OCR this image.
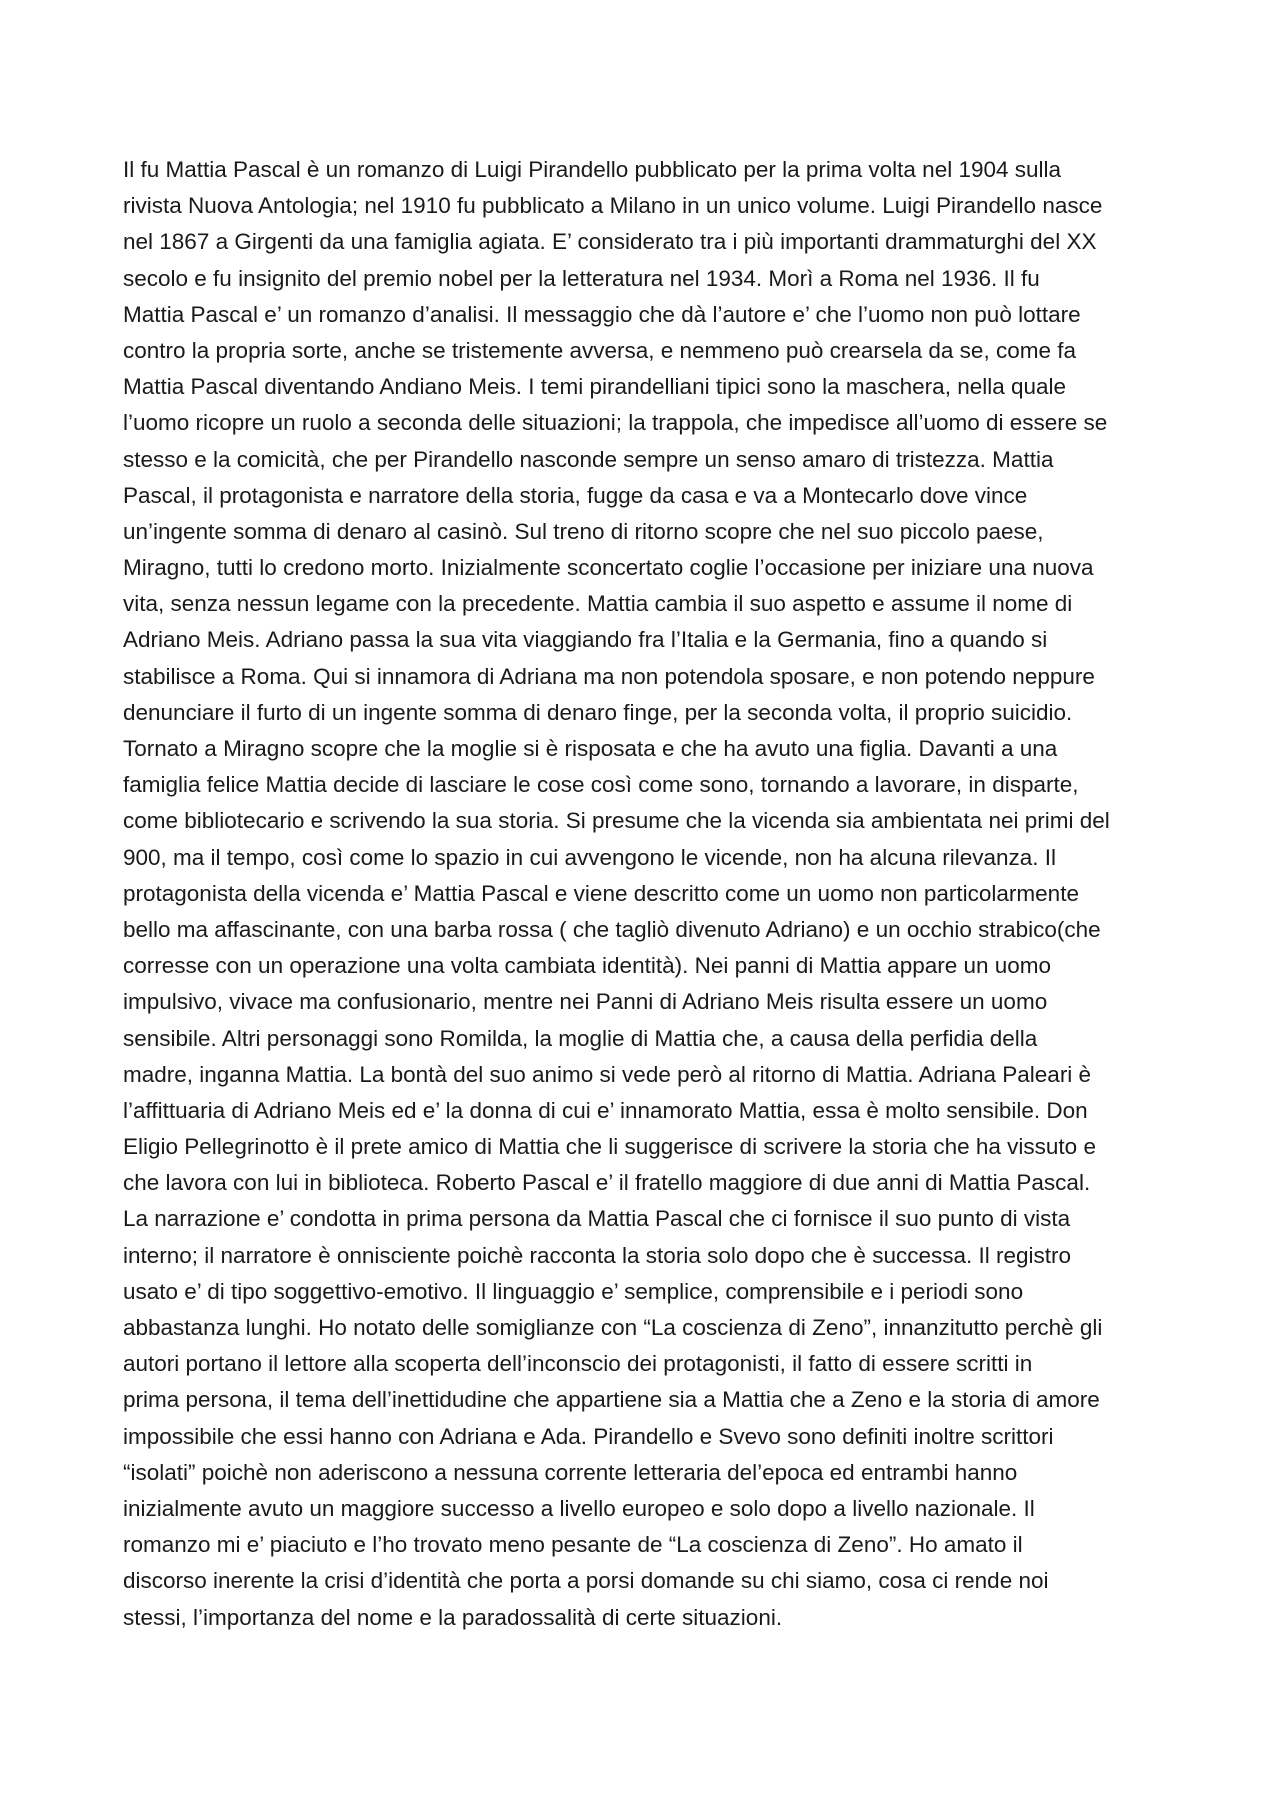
Il fu Mattia Pascal è un romanzo di Luigi Pirandello pubblicato per la prima volta nel 1904 sulla
rivista Nuova Antologia; nel 1910 fu pubblicato a Milano in un unico volume. Luigi Pirandello nasce
nel 1867 a Girgenti da una famiglia agiata. E’ considerato tra i più importanti drammaturghi del XX
secolo e fu insignito del premio nobel per la letteratura nel 1934. Morì a Roma nel 1936. Il fu
Mattia Pascal e’ un romanzo d’analisi. Il messaggio che dà l’autore e’ che l’uomo non può lottare
contro la propria sorte, anche se tristemente avversa, e nemmeno può crearsela da se, come fa
Mattia Pascal diventando Andiano Meis. I temi pirandelliani tipici sono la maschera, nella quale
l’uomo ricopre un ruolo a seconda delle situazioni; la trappola, che impedisce all’uomo di essere se
stesso e la comicità, che per Pirandello nasconde sempre un senso amaro di tristezza. Mattia
Pascal, il protagonista e narratore della storia, fugge da casa e va a Montecarlo dove vince
un’ingente somma di denaro al casinò. Sul treno di ritorno scopre che nel suo piccolo paese,
Miragno, tutti lo credono morto. Inizialmente sconcertato coglie l’occasione per iniziare una nuova
vita, senza nessun legame con la precedente. Mattia cambia il suo aspetto e assume il nome di
Adriano Meis. Adriano passa la sua vita viaggiando fra l’Italia e la Germania, fino a quando si
stabilisce a Roma. Qui si innamora di Adriana ma non potendola sposare, e non potendo neppure
denunciare il furto di un ingente somma di denaro finge, per la seconda volta, il proprio suicidio.
Tornato a Miragno scopre che la moglie si è risposata e che ha avuto una figlia. Davanti a una
famiglia felice Mattia decide di lasciare le cose così come sono, tornando a lavorare, in disparte,
come bibliotecario e scrivendo la sua storia. Si presume che la vicenda sia ambientata nei primi del
900, ma il tempo, così come lo spazio in cui avvengono le vicende, non ha alcuna rilevanza. Il
protagonista della vicenda e’ Mattia Pascal e viene descritto come un uomo non particolarmente
bello ma affascinante, con una barba rossa ( che tagliò divenuto Adriano) e un occhio strabico(che
corresse con un operazione una volta cambiata identità). Nei panni di Mattia appare un uomo
impulsivo, vivace ma confusionario, mentre nei Panni di Adriano Meis risulta essere un uomo
sensibile. Altri personaggi sono Romilda, la moglie di Mattia che, a causa della perfidia della
madre, inganna Mattia. La bontà del suo animo si vede però al ritorno di Mattia. Adriana Paleari è
l’affittuaria di Adriano Meis ed e’ la donna di cui e’ innamorato Mattia, essa è molto sensibile. Don
Eligio Pellegrinotto è il prete amico di Mattia che li suggerisce di scrivere la storia che ha vissuto e
che lavora con lui in biblioteca. Roberto Pascal e’ il fratello maggiore di due anni di Mattia Pascal.
La narrazione e’ condotta in prima persona da Mattia Pascal che ci fornisce il suo punto di vista
interno; il narratore è onnisciente poichè racconta la storia solo dopo che è successa. Il registro
usato e’ di tipo soggettivo-emotivo. Il linguaggio e’ semplice, comprensibile e i periodi sono
abbastanza lunghi. Ho notato delle somiglianze con “La coscienza di Zeno”, innanzitutto perchè gli
autori portano il lettore alla scoperta dell’inconscio dei protagonisti, il fatto di essere scritti in
prima persona, il tema dell’inettidudine che appartiene sia a Mattia che a Zeno e la storia di amore
impossibile che essi hanno con Adriana e Ada. Pirandello e Svevo sono definiti inoltre scrittori
“isolati” poichè non aderiscono a nessuna corrente letteraria del’epoca ed entrambi hanno
inizialmente avuto un maggiore successo a livello europeo e solo dopo a livello nazionale. Il
romanzo mi e’ piaciuto e l’ho trovato meno pesante de “La coscienza di Zeno”. Ho amato il
discorso inerente la crisi d’identità che porta a porsi domande su chi siamo, cosa ci rende noi
stessi, l’importanza del nome e la paradossalità di certe situazioni.
